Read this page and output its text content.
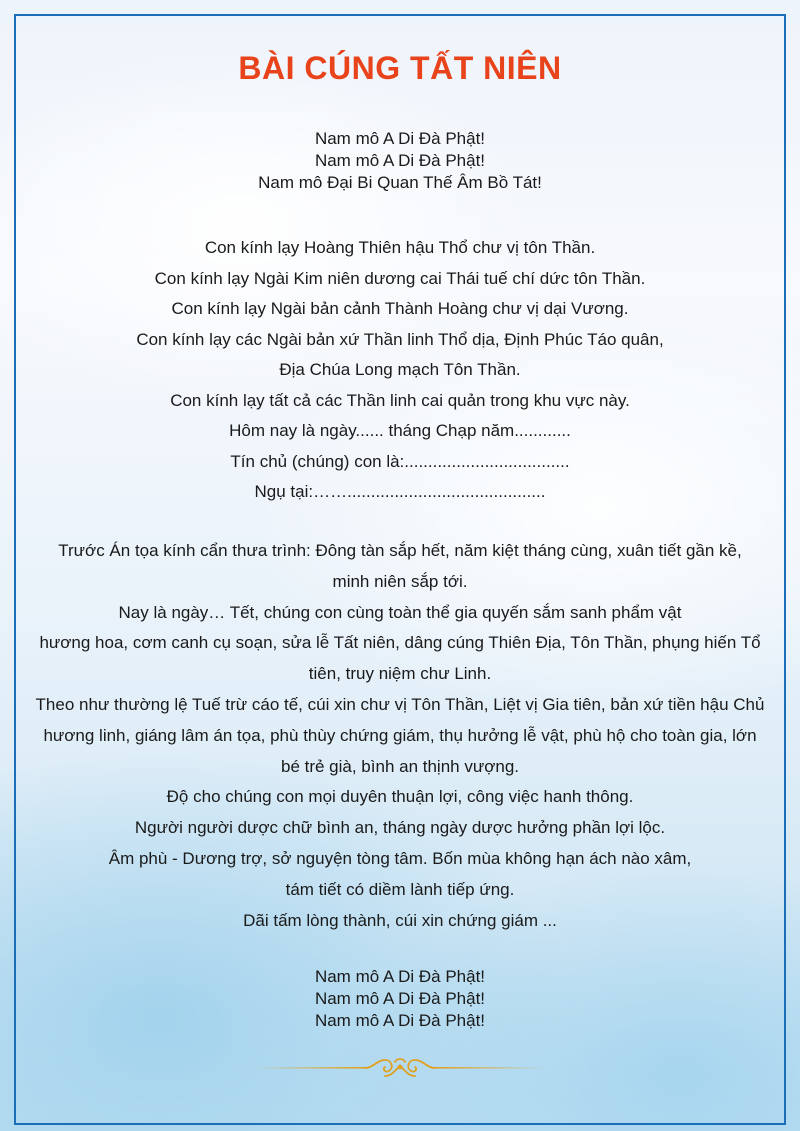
BÀI CÚNG TẤT NIÊN
Nam mô A Di Đà Phật!
Nam mô A Di Đà Phật!
Nam mô Đại Bi Quan Thế Âm Bồ Tát!
Con kính lạy Hoàng Thiên hậu Thổ chư vị tôn Thần.
Con kính lạy Ngài Kim niên dương cai Thái tuế chí dức tôn Thần.
Con kính lạy Ngài bản cảnh Thành Hoàng chư vị dại Vương.
Con kính lạy các Ngài bản xứ Thần linh Thổ dịa, Định Phúc Táo quân,
Địa Chúa Long mạch Tôn Thần.
Con kính lạy tất cả các Thần linh cai quản trong khu vực này.
Hôm nay là ngày...... tháng Chạp năm............
Tín chủ (chúng) con là:...................................
Ngụ tại:……..........................................
Trước Án tọa kính cẩn thưa trình: Đông tàn sắp hết, năm kiệt tháng cùng, xuân tiết gần kề,
minh niên sắp tới.
Nay là ngày… Tết, chúng con cùng toàn thể gia quyến sắm sanh phẩm vật
hương hoa, cơm canh cụ soạn, sửa lễ Tất niên, dâng cúng Thiên Địa, Tôn Thần, phụng hiến Tổ
tiên, truy niệm chư Linh.
Theo như thường lệ Tuế trừ cáo tế, cúi xin chư vị Tôn Thần, Liệt vị Gia tiên, bản xứ tiền hậu Chủ
hương linh, giáng lâm án tọa, phù thùy chứng giám, thụ hưởng lễ vật, phù hộ cho toàn gia, lớn
bé trẻ già, bình an thịnh vượng.
Độ cho chúng con mọi duyên thuận lợi, công việc hanh thông.
Người người dược chữ bình an, tháng ngày dược hưởng phần lợi lộc.
Âm phù - Dương trợ, sở nguyện tòng tâm. Bốn mùa không hạn ách nào xâm,
tám tiết có diềm lành tiếp ứng.
Dãi tấm lòng thành, cúi xin chứng giám ...
Nam mô A Di Đà Phật!
Nam mô A Di Đà Phật!
Nam mô A Di Đà Phật!
